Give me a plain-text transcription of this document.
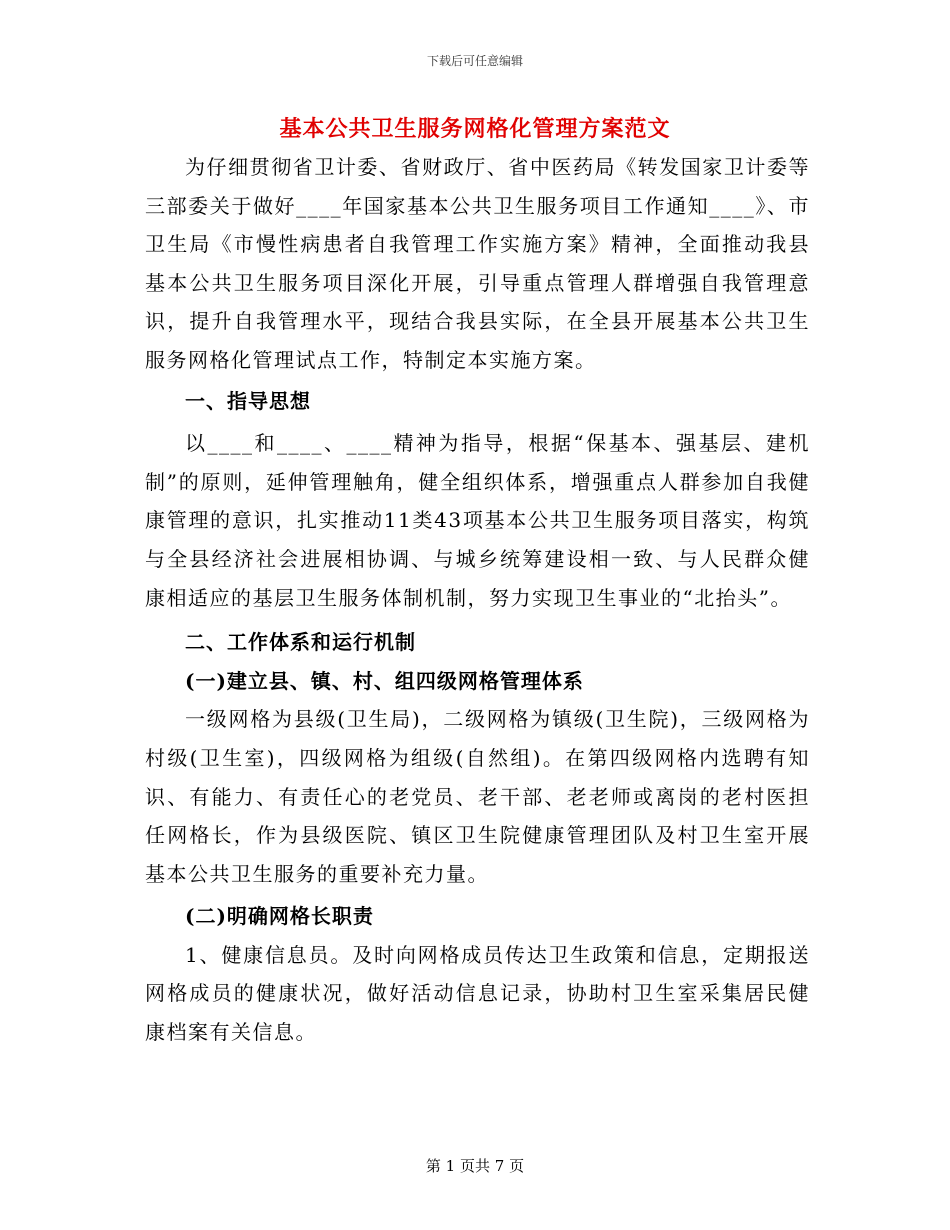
下载后可任意编辑
基本公共卫生服务网格化管理方案范文

为仔细贯彻省卫计委、省财政厅、省中医药局《转发国家卫计委等三部委关于做好____年国家基本公共卫生服务项目工作通知____》、市卫生局《市慢性病患者自我管理工作实施方案》精神，全面推动我县基本公共卫生服务项目深化开展，引导重点管理人群增强自我管理意识，提升自我管理水平，现结合我县实际，在全县开展基本公共卫生服务网格化管理试点工作，特制定本实施方案。

一、指导思想

以____和____、____精神为指导，根据“保基本、强基层、建机制”的原则，延伸管理触角，健全组织体系，增强重点人群参加自我健康管理的意识，扎实推动11类43项基本公共卫生服务项目落实，构筑与全县经济社会进展相协调、与城乡统筹建设相一致、与人民群众健康相适应的基层卫生服务体制机制，努力实现卫生事业的“北抬头”。

二、工作体系和运行机制

(一)建立县、镇、村、组四级网格管理体系

一级网格为县级(卫生局)，二级网格为镇级(卫生院)，三级网格为村级(卫生室)，四级网格为组级(自然组)。在第四级网格内选聘有知识、有能力、有责任心的老党员、老干部、老老师或离岗的老村医担任网格长，作为县级医院、镇区卫生院健康管理团队及村卫生室开展基本公共卫生服务的重要补充力量。

(二)明确网格长职责

1、健康信息员。及时向网格成员传达卫生政策和信息，定期报送网格成员的健康状况，做好活动信息记录，协助村卫生室采集居民健康档案有关信息。

第 1 页共 7 页
